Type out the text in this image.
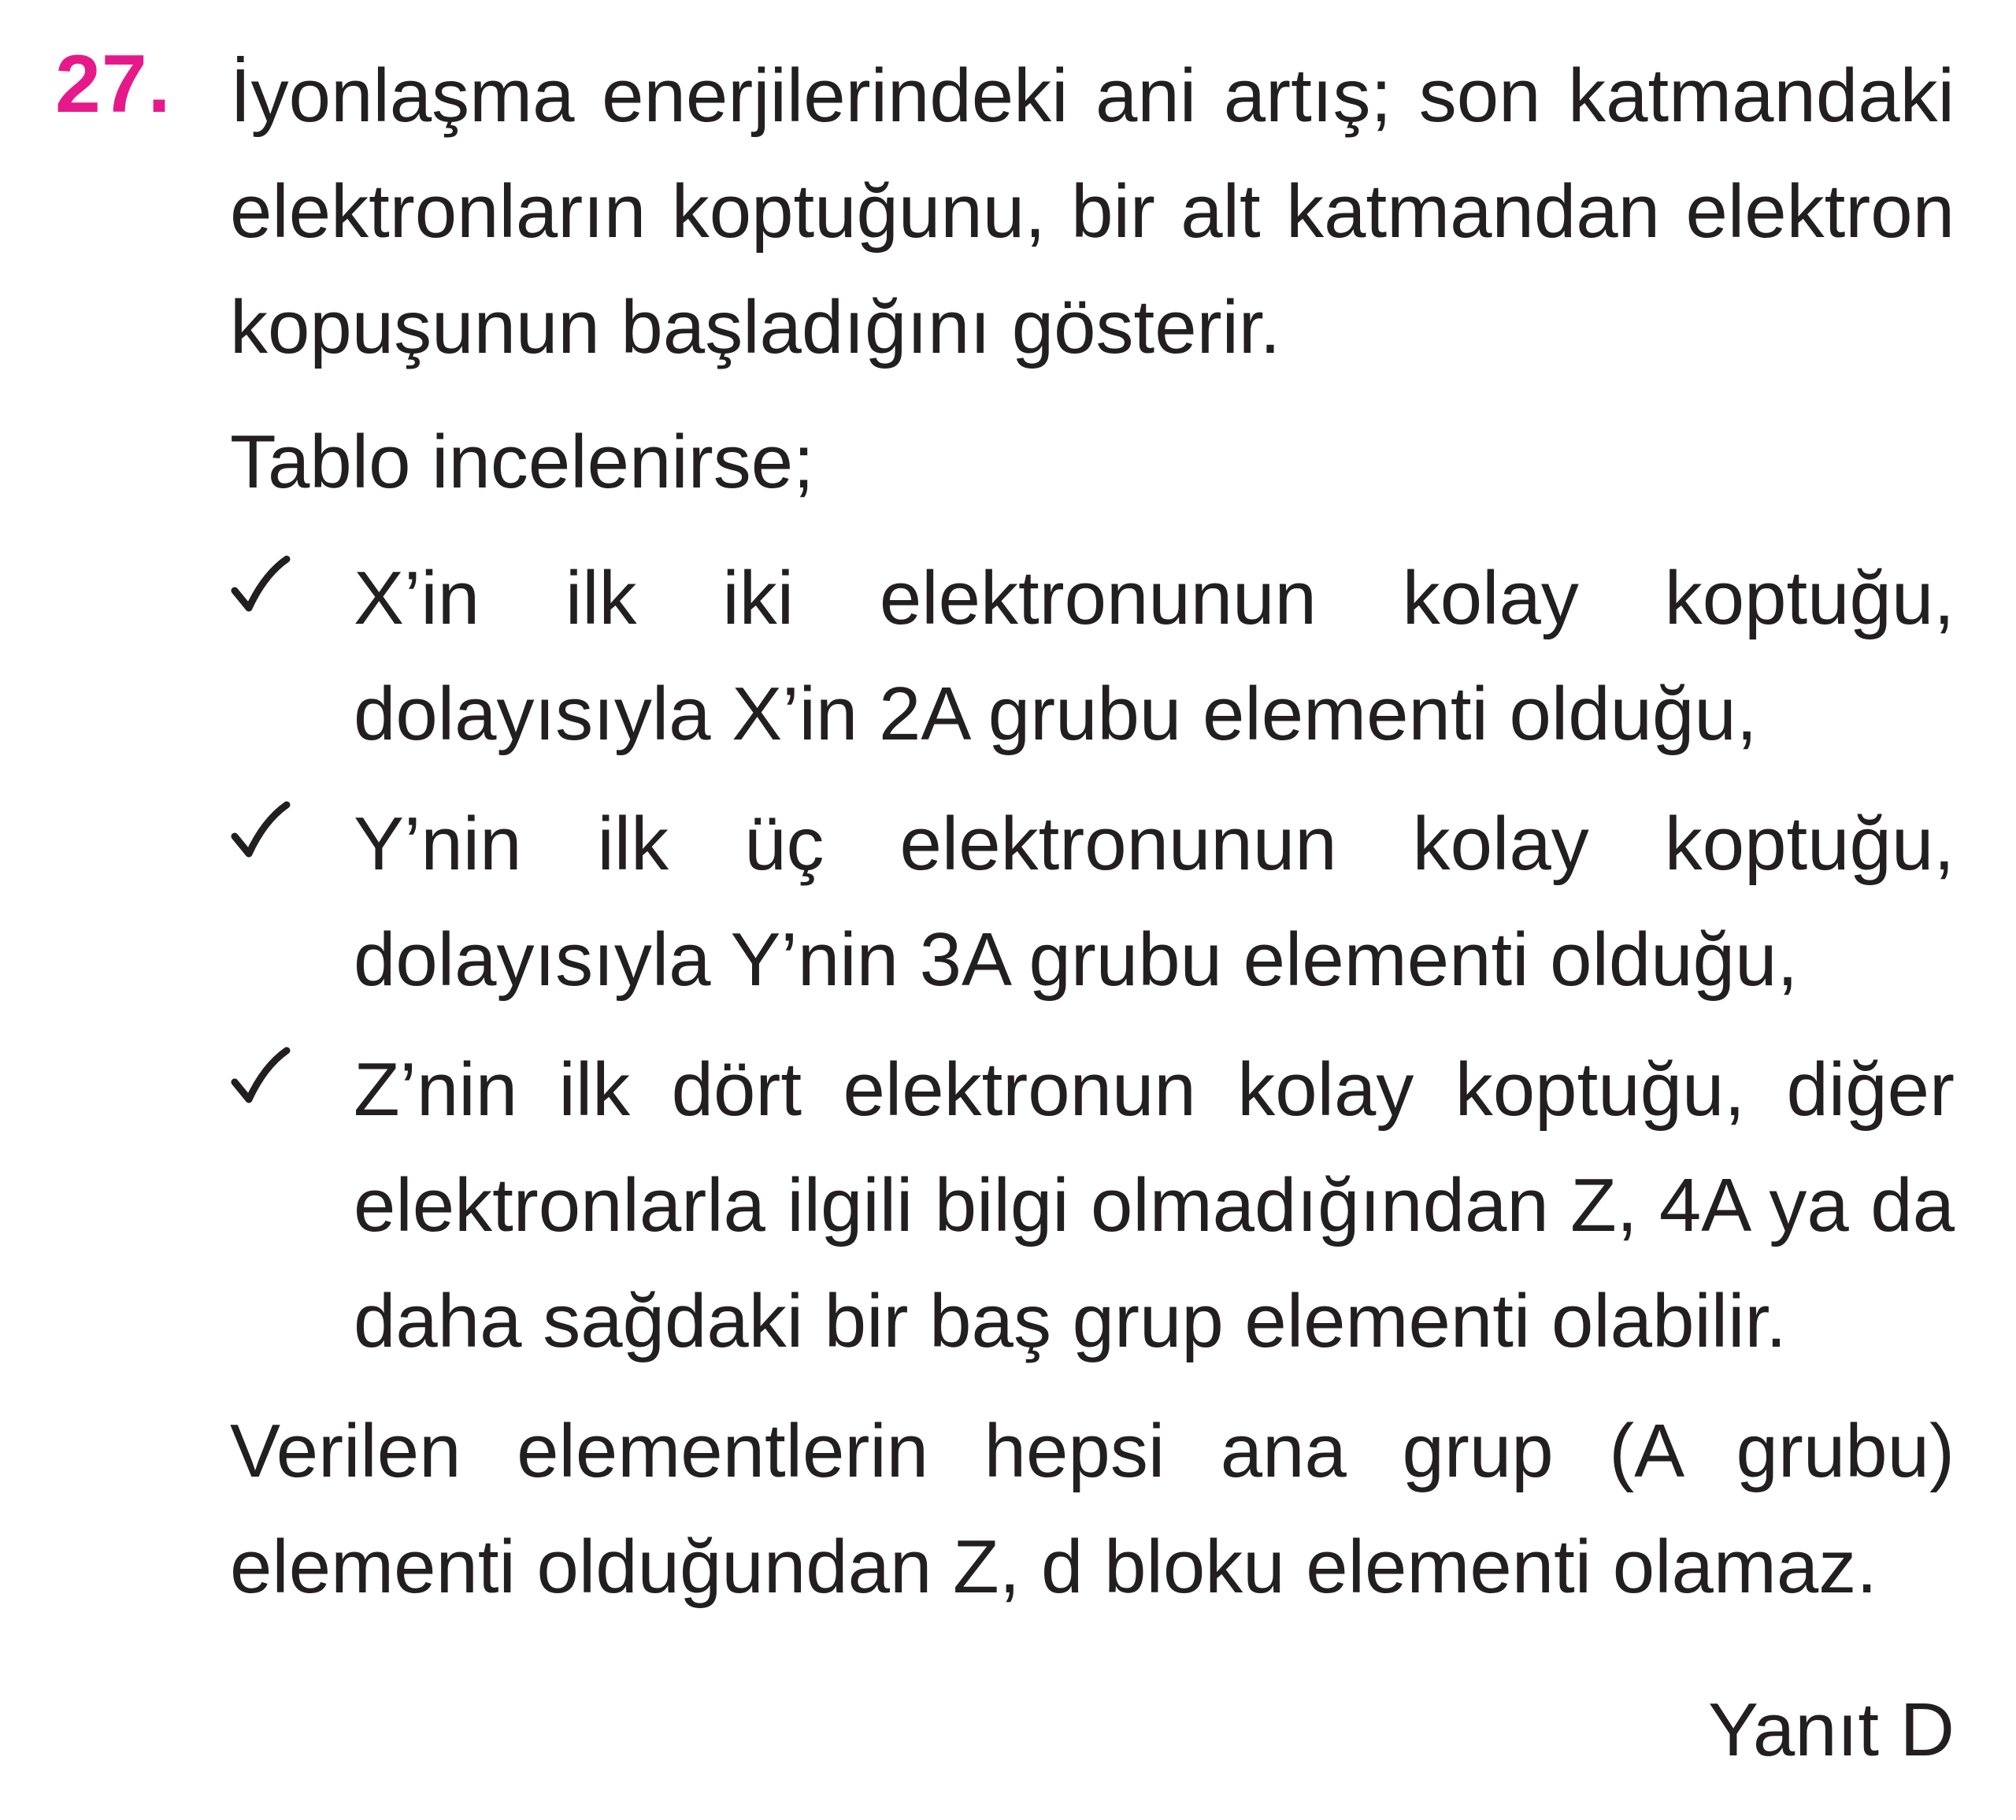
27. İyonlaşma enerjilerindeki ani artış; son katmandaki elektronların koptuğunu, bir alt katmandan elektron kopuşunun başladığını gösterir.

Tablo incelenirse;

X’in ilk iki elektronunun kolay koptuğu, dolayısıyla X’in 2A grubu elementi olduğu,
Y’nin ilk üç elektronunun kolay koptuğu, dolayısıyla Y’nin 3A grubu elementi olduğu,
Z’nin ilk dört elektronun kolay koptuğu, diğer elektronlarla ilgili bilgi olmadığından Z, 4A ya da daha sağdaki bir baş grup elementi olabilir.

Verilen elementlerin hepsi ana grup (A grubu) elementi olduğundan Z, d bloku elementi olamaz.

Yanıt D
